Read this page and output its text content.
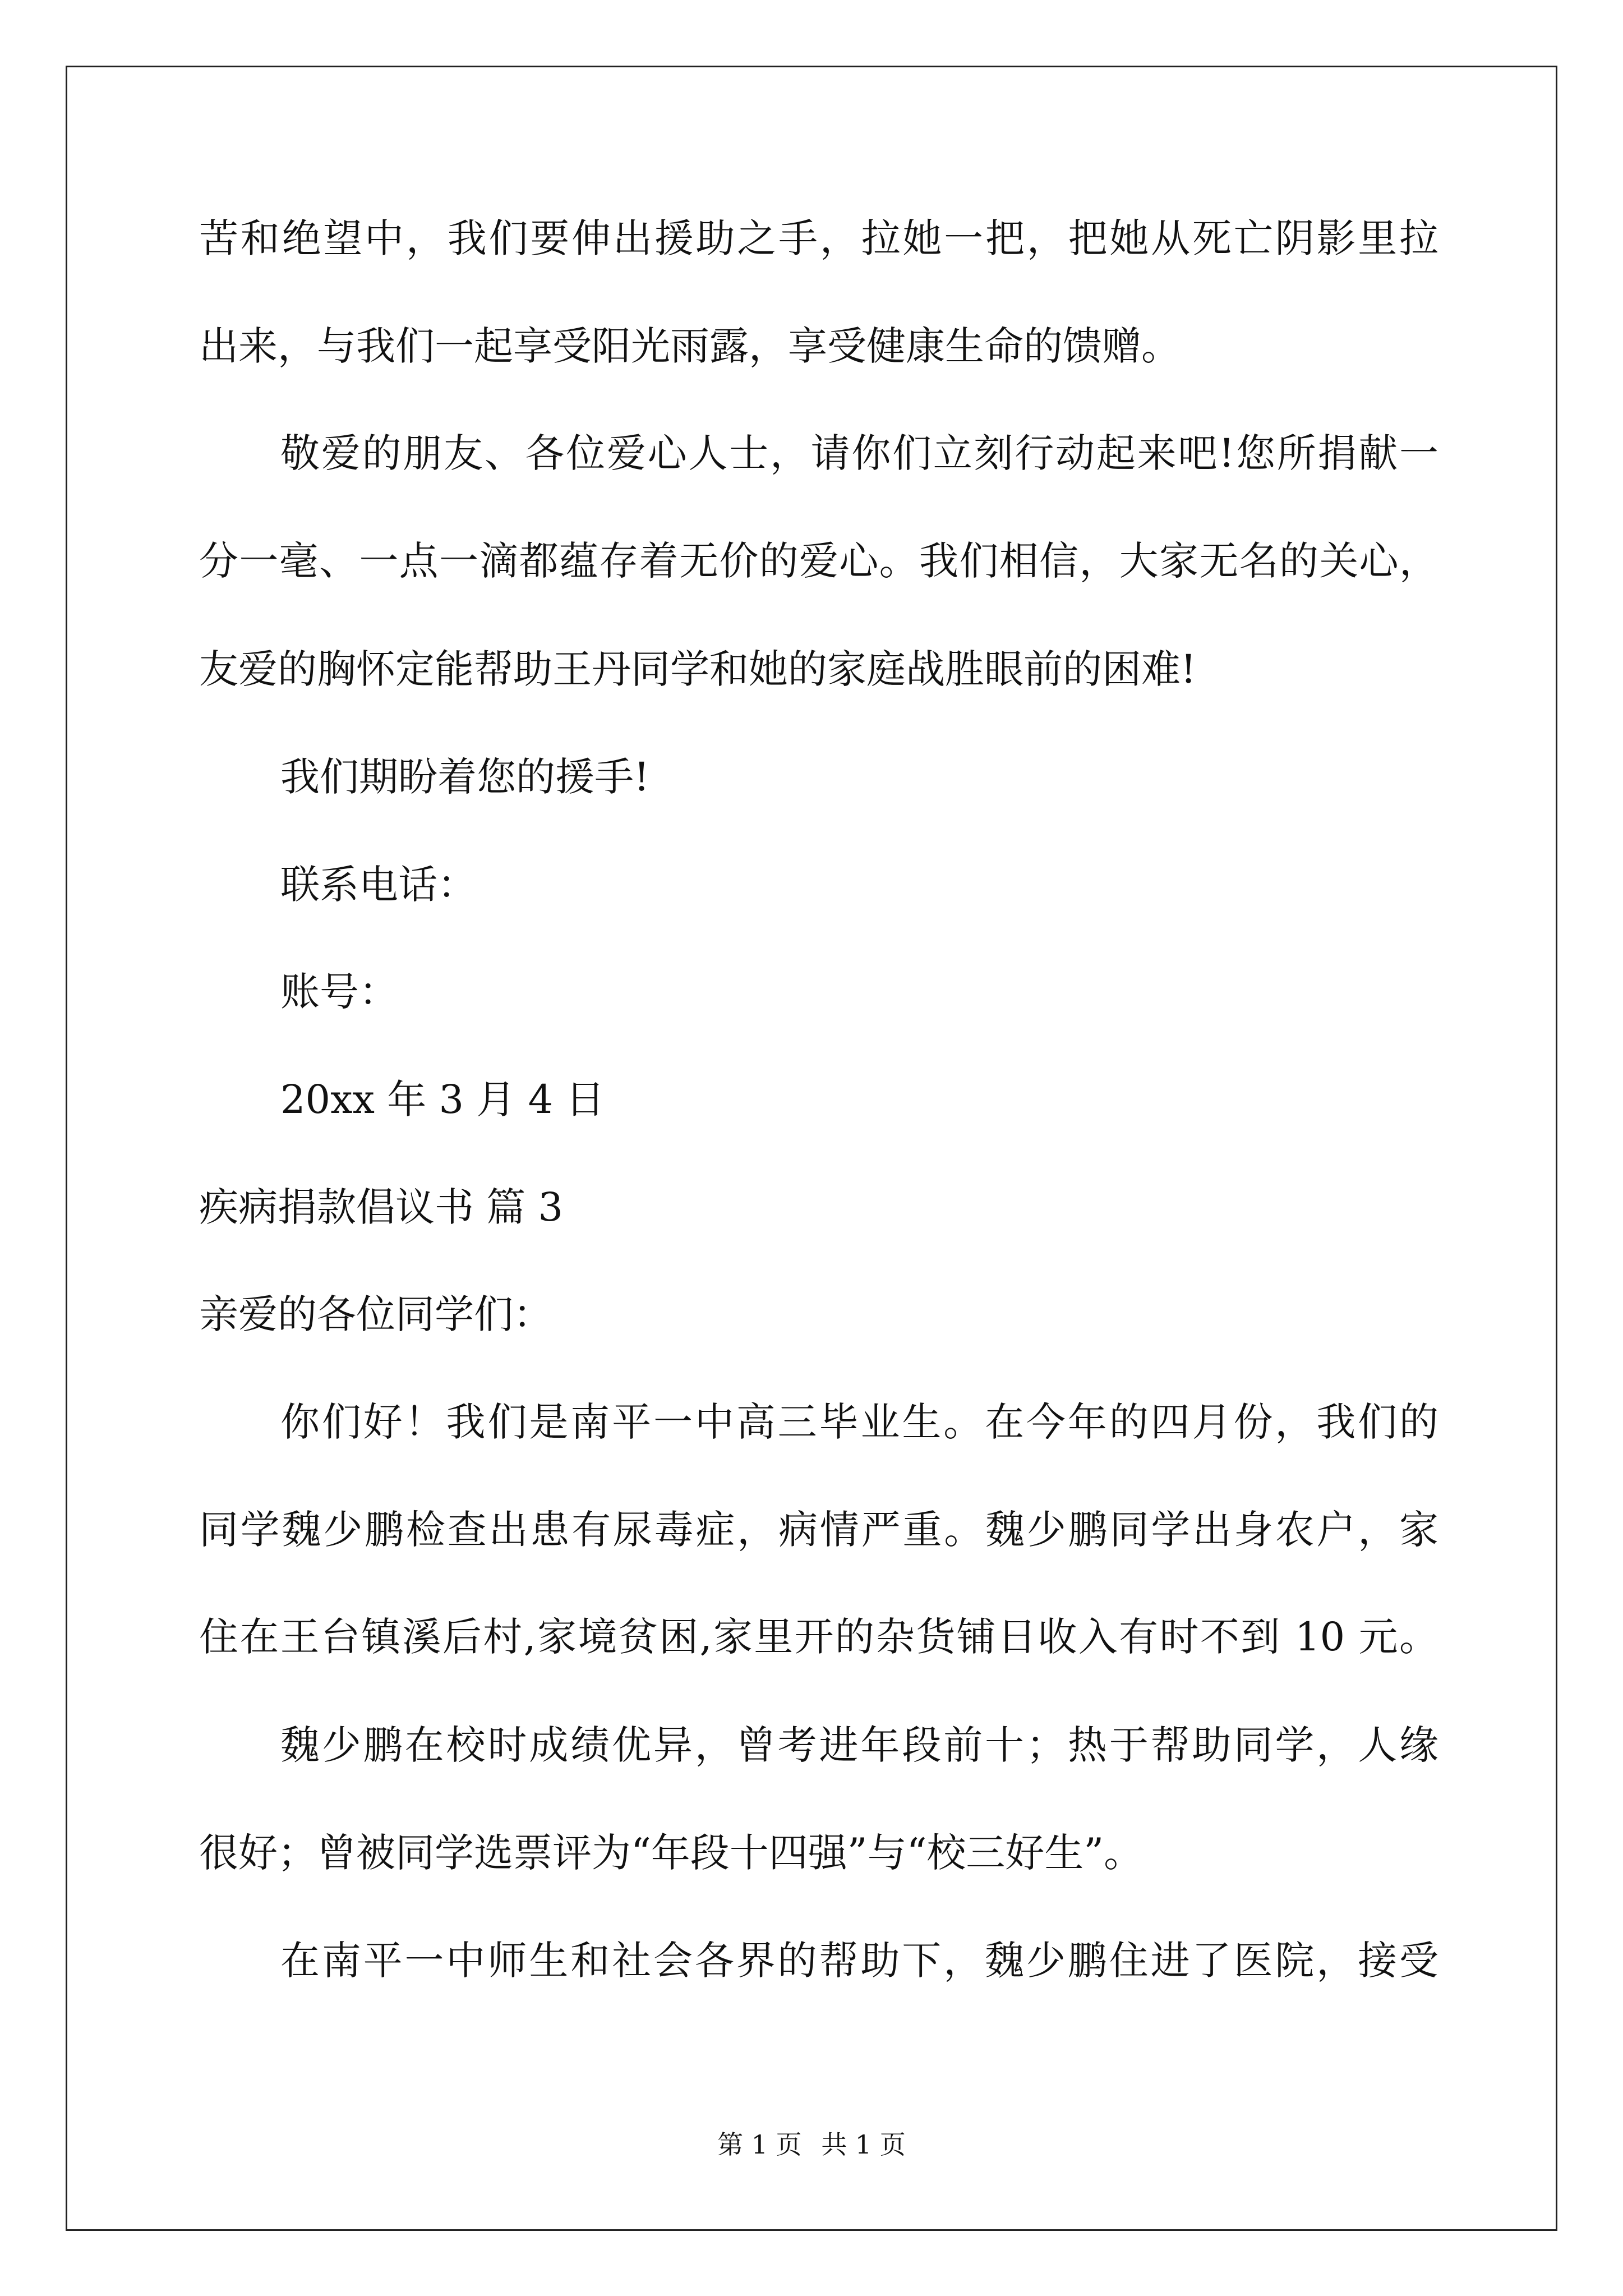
苦和绝望中，我们要伸出援助之手，拉她一把，把她从死亡阴影里拉
出来，与我们一起享受阳光雨露，享受健康生命的馈赠。
敬爱的朋友、各位爱心人士，请你们立刻行动起来吧!您所捐献一
分一毫、一点一滴都蕴存着无价的爱心。我们相信，大家无名的关心，
友爱的胸怀定能帮助王丹同学和她的家庭战胜眼前的困难!
我们期盼着您的援手!
联系电话：
账号：
20xx 年 3 月 4 日
疾病捐款倡议书 篇 3
亲爱的各位同学们：
你们好！我们是南平一中高三毕业生。在今年的四月份，我们的
同学魏少鹏检查出患有尿毒症，病情严重。魏少鹏同学出身农户，家
住在王台镇溪后村,家境贫困,家里开的杂货铺日收入有时不到 10 元。
魏少鹏在校时成绩优异，曾考进年段前十；热于帮助同学，人缘
很好；曾被同学选票评为“年段十四强”与“校三好生”。
在南平一中师生和社会各界的帮助下，魏少鹏住进了医院，接受
第 1 页 共 1 页
